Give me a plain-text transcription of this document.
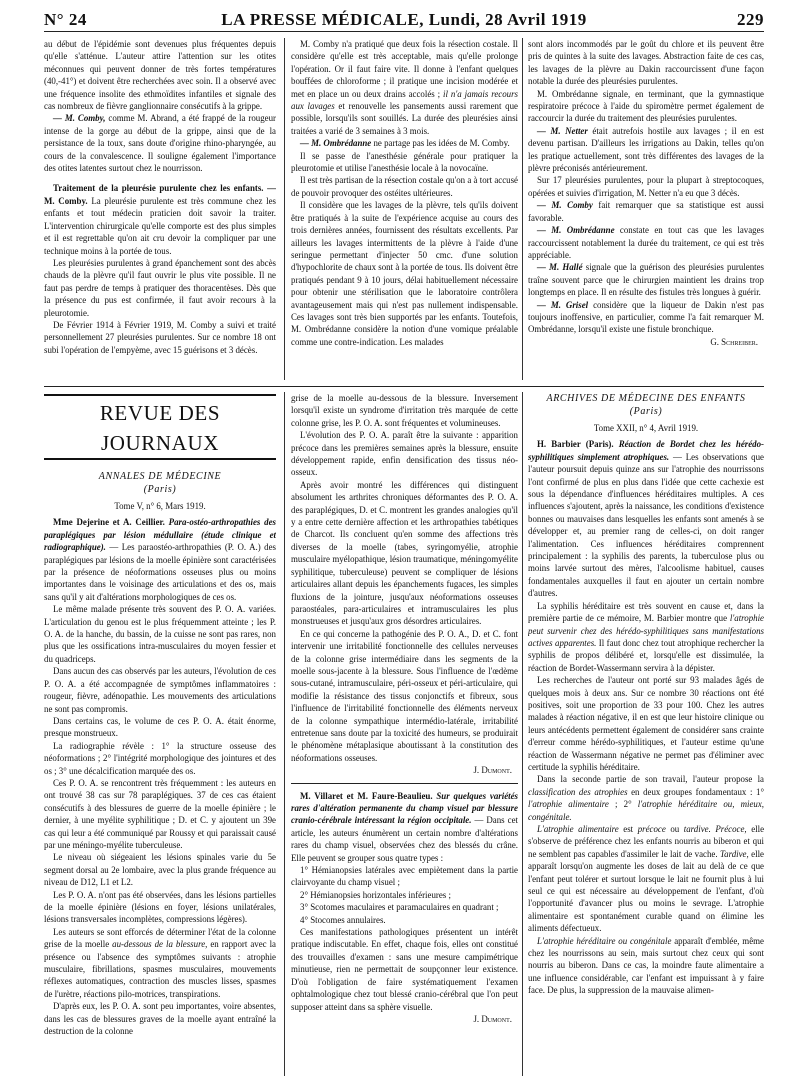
N° 24	LA PRESSE MÉDICALE, Lundi, 28 Avril 1919	229

au début de l'épidémie sont devenues plus fréquentes depuis qu'elle s'atténue. L'auteur attire l'attention sur les otites méconnues qui peuvent donner de très fortes températures (40,-41°) et doivent être recherchées avec soin. Il a observé avec une fréquence insolite des ethmoïdites infantiles et signale des cas nombreux de fièvre ganglionnaire consécutifs à la grippe.

— M. Comby, comme M. Abrand, a été frappé de la rougeur intense de la gorge au début de la grippe, ainsi que de la persistance de la toux, sans doute d'origine rhino-pharyngée, au cours de la convalescence. Il souligne également l'importance des otites latentes surtout chez le nourrisson.

Traitement de la pleurésie purulente chez les enfants. — M. Comby. La pleurésie purulente est très commune chez les enfants et tout médecin praticien doit savoir la traiter. L'intervention chirurgicale qu'elle comporte est des plus simples et il est regrettable qu'on ait cru devoir la compliquer par une technique moins à la portée de tous.

Les pleurésies purulentes à grand épanchement sont des abcès chauds de la plèvre qu'il faut ouvrir le plus vite possible. Il ne faut pas perdre de temps à pratiquer des thoracentèses. Dès que la présence du pus est confirmée, il faut avoir recours à la pleurotomie.

De Février 1914 à Février 1919, M. Comby a suivi et traité personnellement 27 pleurésies purulentes. Sur ce nombre 18 ont subi l'opération de l'empyème, avec 15 guérisons et 3 décès.

M. Comby n'a pratiqué que deux fois la résection costale. Il considère qu'elle est très acceptable, mais qu'elle prolonge l'opération. Or il faut faire vite. Il donne à l'enfant quelques bouffées de chloroforme ; il pratique une incision modérée et met en place un ou deux drains accolés ; il n'a jamais recours aux lavages et renouvelle les pansements aussi rarement que possible, lorsqu'ils sont souillés. La durée des pleurésies ainsi traitées a varié de 3 semaines à 3 mois.

— M. Ombrédanne ne partage pas les idées de M. Comby.

Il se passe de l'anesthésie générale pour pratiquer la pleurotomie et utilise l'anesthésie locale à la novocaïne.

Il est très partisan de la résection costale qu'on a à tort accusé de pouvoir provoquer des ostéites ultérieures.

Il considère que les lavages de la plèvre, tels qu'ils doivent être pratiqués à la suite de l'expérience acquise au cours des trois dernières années, fournissent des résultats excellents. Par ailleurs les lavages intermittents de la plèvre à l'aide d'une seringue permettant d'injecter 50 cmc. d'une solution d'hypochlorite de chaux sont à la portée de tous. Ils doivent être pratiqués pendant 9 à 10 jours, délai habituellement nécessaire pour obtenir une stérilisation que le laboratoire contrôlera avantageusement mais qui n'est pas nullement indispensable. Ces lavages sont très bien supportés par les enfants. Toutefois, M. Ombrédanne considère la notion d'une vomique préalable comme une contre-indication. Les malades

sont alors incommodés par le goût du chlore et ils peuvent être pris de quintes à la suite des lavages. Abstraction faite de ces cas, les lavages de la plèvre au Dakin raccourcissent d'une façon notable la durée des pleurésies purulentes.

M. Ombrédanne signale, en terminant, que la gymnastique respiratoire précoce à l'aide du spiromètre permet également de raccourcir la durée du traitement des pleurésies purulentes.

— M. Netter était autrefois hostile aux lavages ; il en est devenu partisan. D'ailleurs les irrigations au Dakin, telles qu'on les pratique actuellement, sont très différentes des lavages de la plèvre préconisés antérieurement.

Sur 17 pleurésies purulentes, pour la plupart à streptocoques, opérées et suivies d'irrigation, M. Netter n'a eu que 3 décès.

— M. Comby fait remarquer que sa statistique est aussi favorable.

— M. Ombrédanne constate en tout cas que les lavages raccourcissent notablement la durée du traitement, ce qui est très appréciable.

— M. Hallé signale que la guérison des pleurésies purulentes traîne souvent parce que le chirurgien maintient les drains trop longtemps en place. Il en résulte des fistules très longues à guérir.

— M. Grisel considère que la liqueur de Dakin n'est pas toujours inoffensive, en particulier, comme l'a fait remarquer M. Ombrédanne, lorsqu'il existe une fistule bronchique.

G. Schreiber.

REVUE DES JOURNAUX
ANNALES DE MÉDECINE
(Paris)

Tome V, n° 6, Mars 1919.

Mme Dejerine et A. Ceillier. Para-ostéo-arthropathies des paraplégiques par lésion médullaire (étude clinique et radiographique). — Les paraostéo-arthropathies (P. O. A.) des paraplégiques par lésions de la moelle épinière sont caractérisées par la présence de néoformations osseuses plus ou moins importantes dans le voisinage des articulations et des os, mais sans qu'il y ait d'altérations morphologiques de ces os.

Le même malade présente très souvent des P. O. A. variées. L'articulation du genou est le plus fréquemment atteinte ; les P. O. A. de la hanche, du bassin, de la cuisse ne sont pas rares, non plus que les ossifications intra-musculaires du moyen fessier et du quadriceps.

Dans aucun des cas observés par les auteurs, l'évolution de ces P. O. A. a été accompagnée de symptômes inflammatoires : rougeur, fièvre, adénopathie. Les mouvements des articulations ne sont pas compromis.

Dans certains cas, le volume de ces P. O. A. était énorme, presque monstrueux.

La radiographie révèle : 1° la structure osseuse des néoformations ; 2° l'intégrité morphologique des jointures et des os ; 3° une décalcification marquée des os.

Ces P. O. A. se rencontrent très fréquemment : les auteurs en ont trouvé 38 cas sur 78 paraplégiques. 37 de ces cas étaient consécutifs à des blessures de guerre de la moelle épinière ; le dernier, à une myélite syphilitique ; D. et C. y ajoutent un 39e cas qui leur a été communiqué par Roussy et qui paraissait causé par une méningo-myélite tuberculeuse.

Le niveau où siégeaient les lésions spinales varie du 5e segment dorsal au 2e lombaire, avec la plus grande fréquence au niveau de D12, L1 et L2.

Les P. O. A. n'ont pas été observées, dans les lésions partielles de la moelle épinière (lésions en foyer, lésions unilatérales, lésions transversales incomplètes, compressions légères).

Les auteurs se sont efforcés de déterminer l'état de la colonne grise de la moelle au-dessous de la blessure, en rapport avec la présence ou l'absence des symptômes suivants : atrophie musculaire, fibrillations, spasmes musculaires, mouvements réflexes automatiques, contraction des muscles lisses, spasmes de l'urètre, réactions pilo-motrices, transpirations.

D'après eux, les P. O. A. sont peu importantes, voire absentes, dans les cas de blessures graves de la moelle ayant entraîné la destruction de la colonne

grise de la moelle au-dessous de la blessure. Inversement lorsqu'il existe un syndrome d'irritation très marquée de cette colonne grise, les P. O. A. sont fréquentes et volumineuses.

L'évolution des P. O. A. paraît être la suivante : apparition précoce dans les premières semaines après la blessure, ensuite développement rapide, enfin densification des tissus néo-osseux.

Après avoir montré les différences qui distinguent absolument les arthrites chroniques déformantes des P. O. A. des paraplégiques, D. et C. montrent les grandes analogies qu'il y a entre cette dernière affection et les arthropathies tabétiques de Charcot. Ils concluent qu'en somme des affections très diverses de la moelle (tabes, syringomyélie, atrophie musculaire myélopathique, lésion traumatique, méningomyélite syphilitique, tuberculeuse) peuvent se compliquer de lésions articulaires allant depuis les épanchements fugaces, les simples fluxions de la jointure, jusqu'aux néoformations osseuses paraostéales, para-articulaires et intramusculaires les plus monstrueuses et jusqu'aux gros désordres articulaires.

En ce qui concerne la pathogénie des P. O. A., D. et C. font intervenir une irritabilité fonctionnelle des cellules nerveuses de la colonne grise intermédiaire dans les segments de la moelle sous-jacente à la blessure. Sous l'influence de l'œdème sous-cutané, intramusculaire, péri-osseux et péri-articulaire, qui modifie la résistance des tissus conjonctifs et fibreux, sous l'influence de l'irritabilité fonctionnelle des éléments nerveux de la colonne sympathique intermédio-latérale, irritabilité entretenue sans doute par la toxicité des humeurs, se produirait le phénomène métaplasique aboutissant à la constitution des néoformations osseuses.

J. Dumont.

M. Villaret et M. Faure-Beaulieu. Sur quelques variétés rares d'altération permanente du champ visuel par blessure cranio-cérébrale intéressant la région occipitale. — Dans cet article, les auteurs énumèrent un certain nombre d'altérations rares du champ visuel, observées chez des blessés du crâne. Elle peuvent se grouper sous quatre types :

1° Hémianopsies latérales avec empiètement dans la partie clairvoyante du champ visuel ;

2° Hémianopsies horizontales inférieures ;

3° Scotomes maculaires et paramaculaires en quadrant ;

4° Stocomes annulaires.

Ces manifestations pathologiques présentent un intérêt pratique indiscutable. En effet, chaque fois, elles ont constitué des trouvailles d'examen : sans une mesure campimétrique minutieuse, rien ne permettait de soupçonner leur existence. D'où l'obligation de faire systématiquement l'examen ophtalmologique chez tout blessé cranio-cérébral que l'on peut supposer atteint dans sa sphère visuelle.

J. Dumont.

ARCHIVES DE MÉDECINE DES ENFANTS
(Paris)

Tome XXII, n° 4, Avril 1919.

H. Barbier (Paris). Réaction de Bordet chez les hérédo-syphilitiques simplement atrophiques. — Les observations que l'auteur poursuit depuis quinze ans sur l'atrophie des nourrissons l'ont confirmé de plus en plus dans l'idée que cette cachexie est sous la dépendance d'influences héréditaires multiples. A ces influences s'ajoutent, après la naissance, les conditions d'existence bonnes ou mauvaises dans lesquelles les enfants sont amenés à se développer et, au premier rang de celles-ci, on doit ranger l'alimentation. Ces influences héréditaires comprennent principalement : la syphilis des parents, la tuberculose plus ou moins larvée surtout des mères, l'alcoolisme habituel, causes fondamentales auxquelles il faut en ajouter un certain nombre d'autres.

La syphilis héréditaire est très souvent en cause et, dans la première partie de ce mémoire, M. Barbier montre que l'atrophie peut survenir chez des hérédo-syphilitiques sans manifestations actives apparentes. Il faut donc chez tout atrophique rechercher la syphilis de propos délibéré et, lorsqu'elle est dissimulée, la réaction de Bordet-Wassermann servira à la dépister.

Les recherches de l'auteur ont porté sur 93 malades âgés de quelques mois à deux ans. Sur ce nombre 30 réactions ont été positives, soit une proportion de 33 pour 100. Chez les autres malades à réaction négative, il en est que leur histoire clinique ou leurs antécédents permettent également de considérer sans crainte d'erreur comme hérédo-syphilitiques, et l'auteur estime qu'une réaction de Wassermann négative ne permet pas d'éliminer avec certitude la syphilis héréditaire.

Dans la seconde partie de son travail, l'auteur propose la classification des atrophies en deux groupes fondamentaux : 1° l'atrophie alimentaire ; 2° l'atrophie héréditaire ou, mieux, congénitale.

L'atrophie alimentaire est précoce ou tardive. Précoce, elle s'observe de préférence chez les enfants nourris au biberon et qui ne semblent pas capables d'assimiler le lait de vache. Tardive, elle apparaît lorsqu'on augmente les doses de lait au delà de ce que l'enfant peut tolérer et surtout lorsque le lait ne fournit plus à lui seul ce qui est nécessaire au développement de l'enfant, d'où l'opportunité d'avancer plus ou moins le sevrage. L'atrophie alimentaire est spontanément curable quand on élimine les aliments défectueux.

L'atrophie héréditaire ou congénitale apparaît d'emblée, même chez les nourrissons au sein, mais surtout chez ceux qui sont nourris au biberon. Dans ce cas, la moindre faute alimentaire a une influence considérable, car l'enfant est impuissant à y faire face. De plus, la suppression de la mauvaise alimen-
